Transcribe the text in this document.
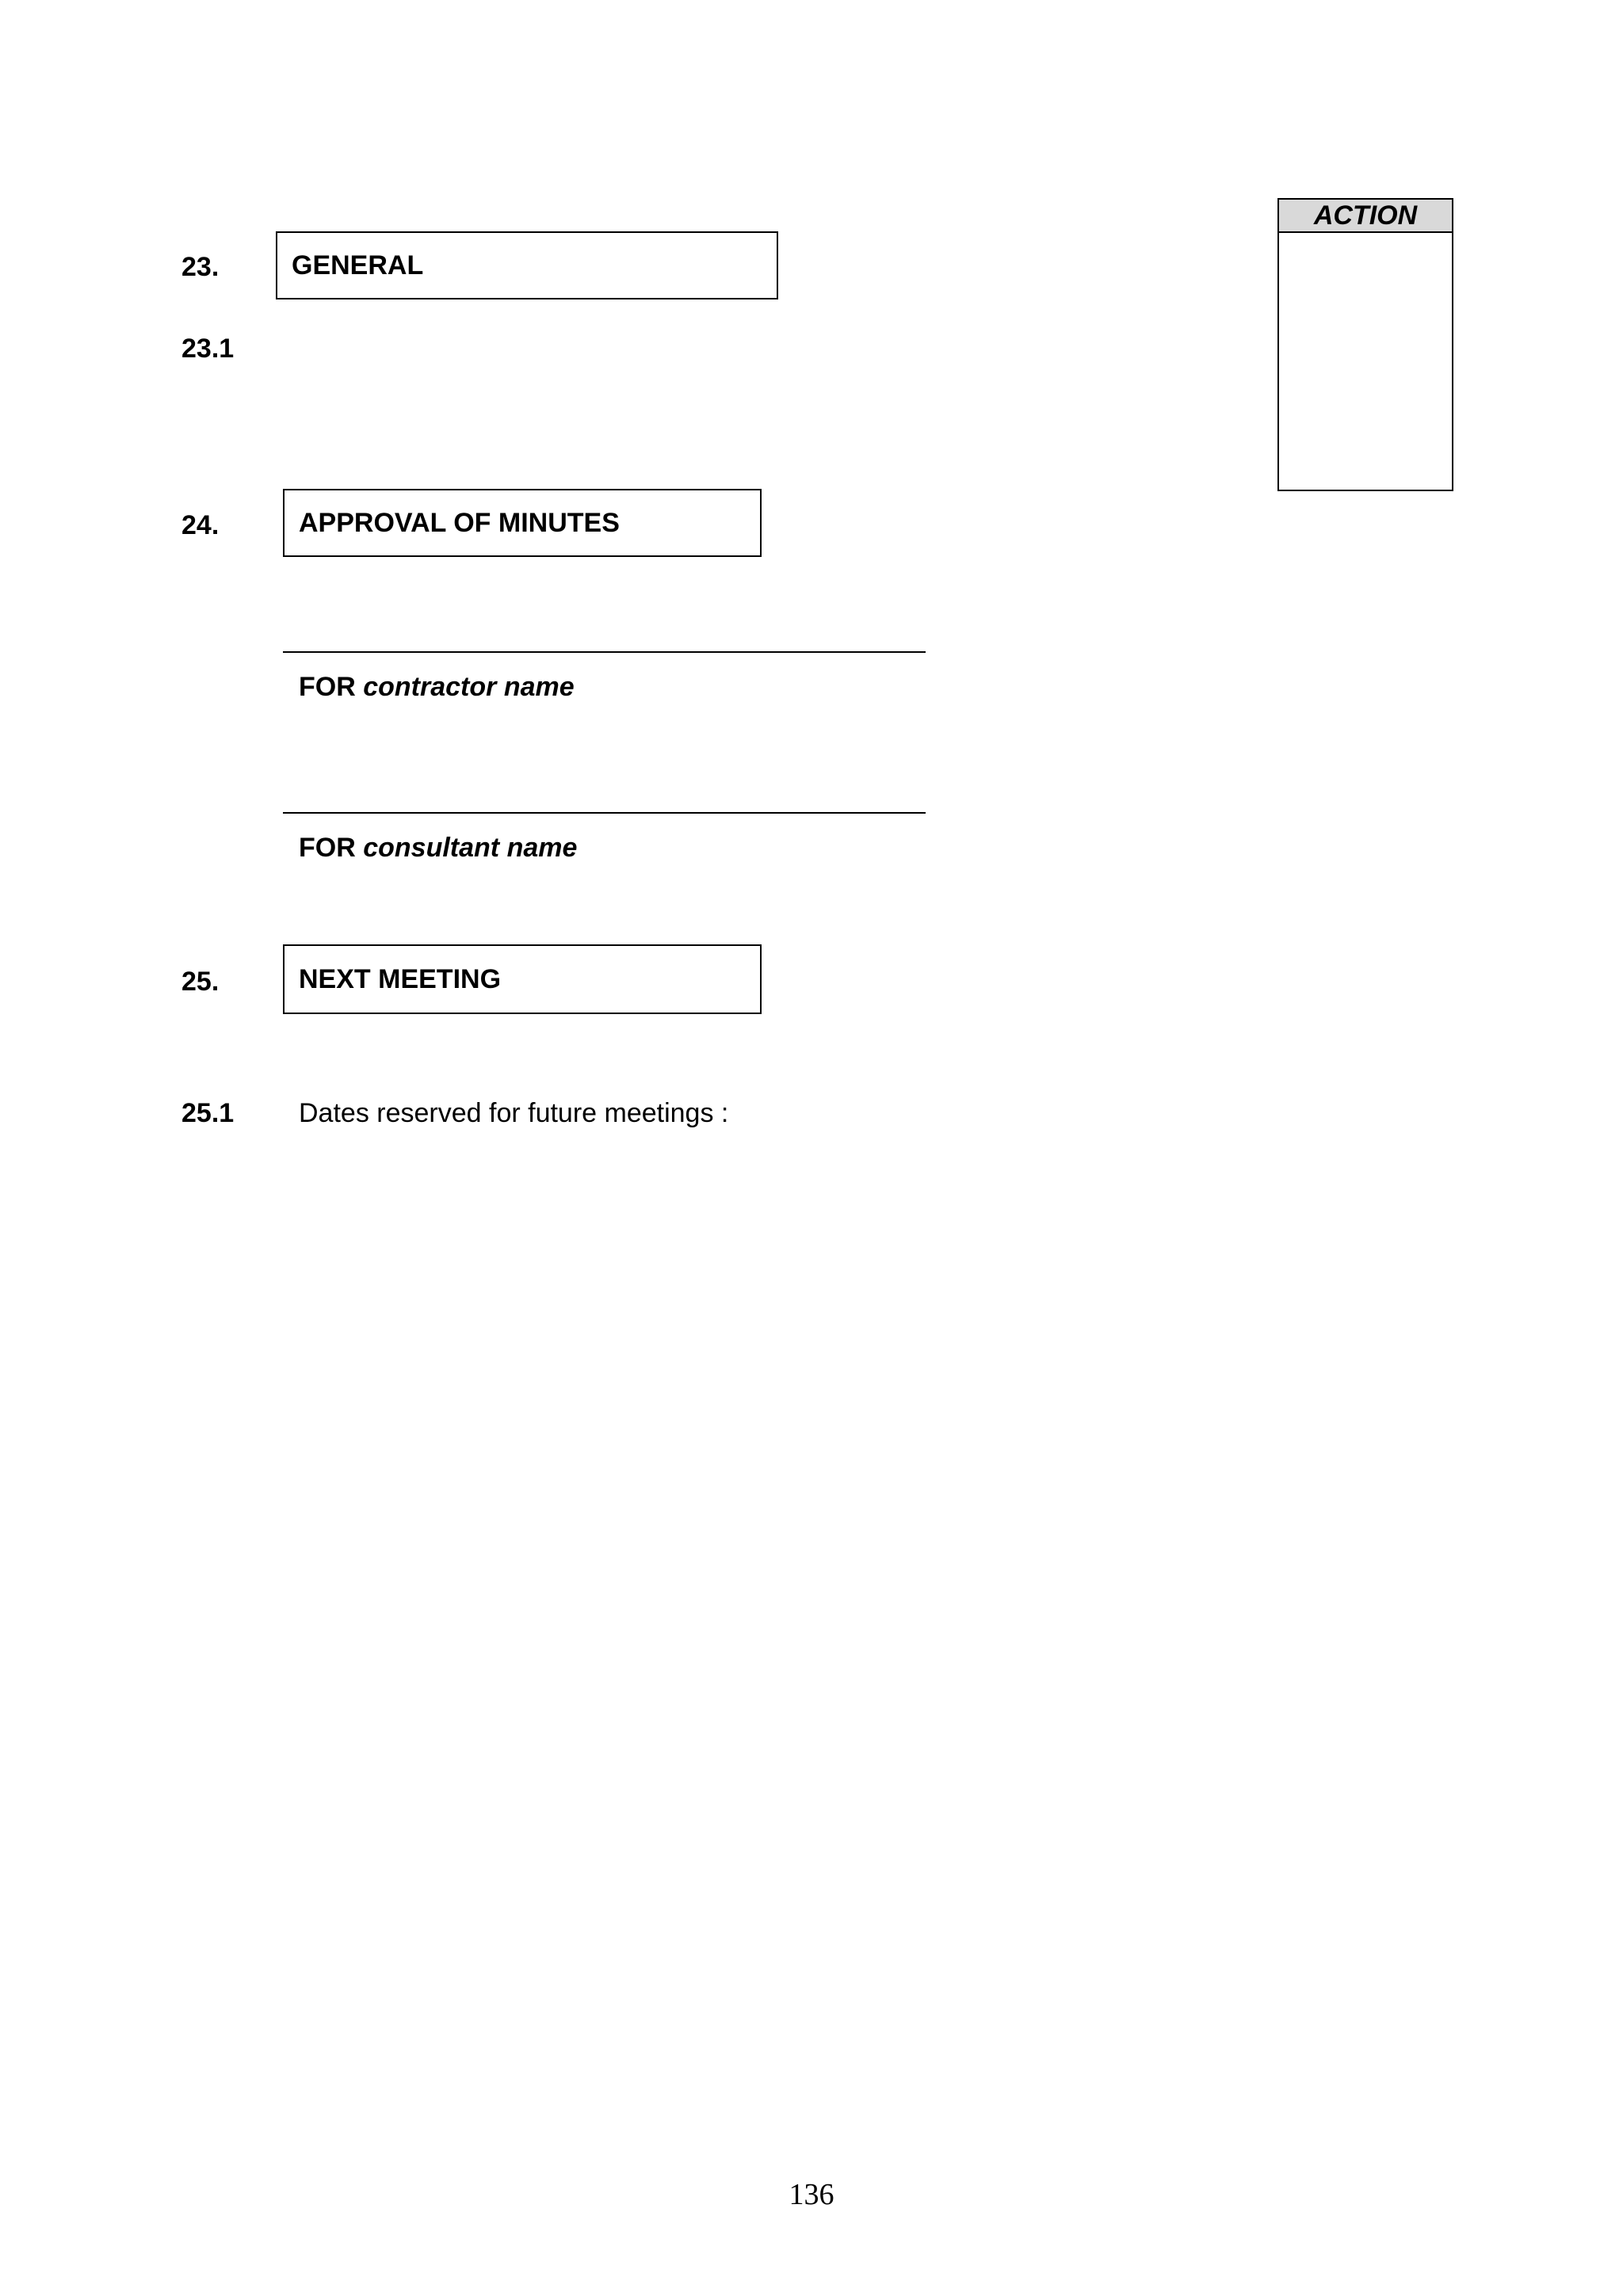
ACTION
23.	GENERAL
23.1
24.	APPROVAL OF MINUTES
FOR contractor name
FOR consultant name
25.	NEXT MEETING
25.1 Dates reserved for future meetings :
136
